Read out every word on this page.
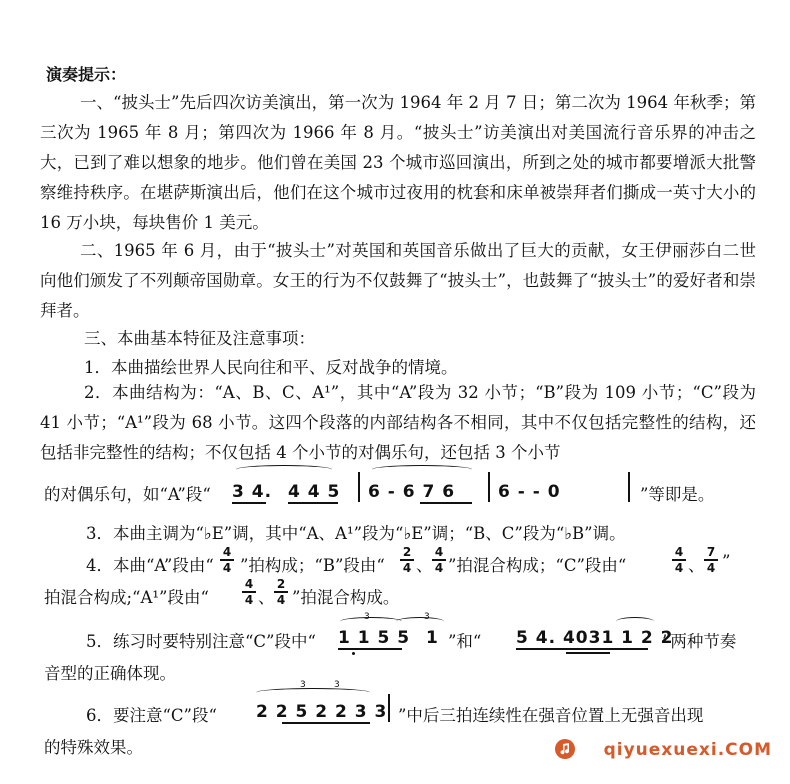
演奏提示：
一、“披头士”先后四次访美演出，第一次为 1964 年 2 月 7 日；第二次为 1964 年秋季；第三次为 1965 年 8 月；第四次为 1966 年 8 月。“披头士”访美演出对美国流行音乐界的冲击之大，已到了难以想象的地步。他们曾在美国 23 个城市巡回演出，所到之处的城市都要增派大批警察维持秩序。在堪萨斯演出后，他们在这个城市过夜用的枕套和床单被崇拜者们撕成一英寸大小的 16 万小块，每块售价 1 美元。
二、1965 年 6 月，由于“披头士”对英国和英国音乐做出了巨大的贡献，女王伊丽莎白二世向他们颁发了不列颠帝国勋章。女王的行为不仅鼓舞了“披头士”，也鼓舞了“披头士”的爱好者和崇拜者。
三、本曲基本特征及注意事项：
1．本曲描绘世界人民向往和平、反对战争的情境。
2．本曲结构为：“A、B、C、A¹”，其中“A”段为 32 小节；“B”段为 109 小节；“C”段为 41 小节；“A¹”段为 68 小节。这四个段落的内部结构各不相同，其中不仅包括完整性的结构，还包括非完整性的结构；不仅包括 4 个小节的对偶乐句，还包括 3 个小节
的对偶乐句，如“A”段“ 3 4. 4 4 5 6 - 6 7 6	6 - - 0	”等即是。
3．本曲主调为“♭E”调，其中“A、A¹”段为“♭E”调；“B、C”段为“♭B”调。
4．本曲“A”段由“
4
4 ”拍构成；“B”段由“
2
4 、
4
4 ”拍混合构成；“C”段由“
4
4 、
7
4 ”
拍混合构成;“A¹”段由“
4
4 、
2
4 ”拍混合构成。
5．练习时要特别注意“C”段中“
3
1 1 5 5
3
1 ”和“ 5 4. 4031 1 2 2
”两种节奏
音型的正确体现。
6．要注意“C”段“
3	3
2 2 5 2 2 3 3 ”中后三拍连续性在强音位置上无强音出现
的特殊效果。	qiyuexuexi.COM
